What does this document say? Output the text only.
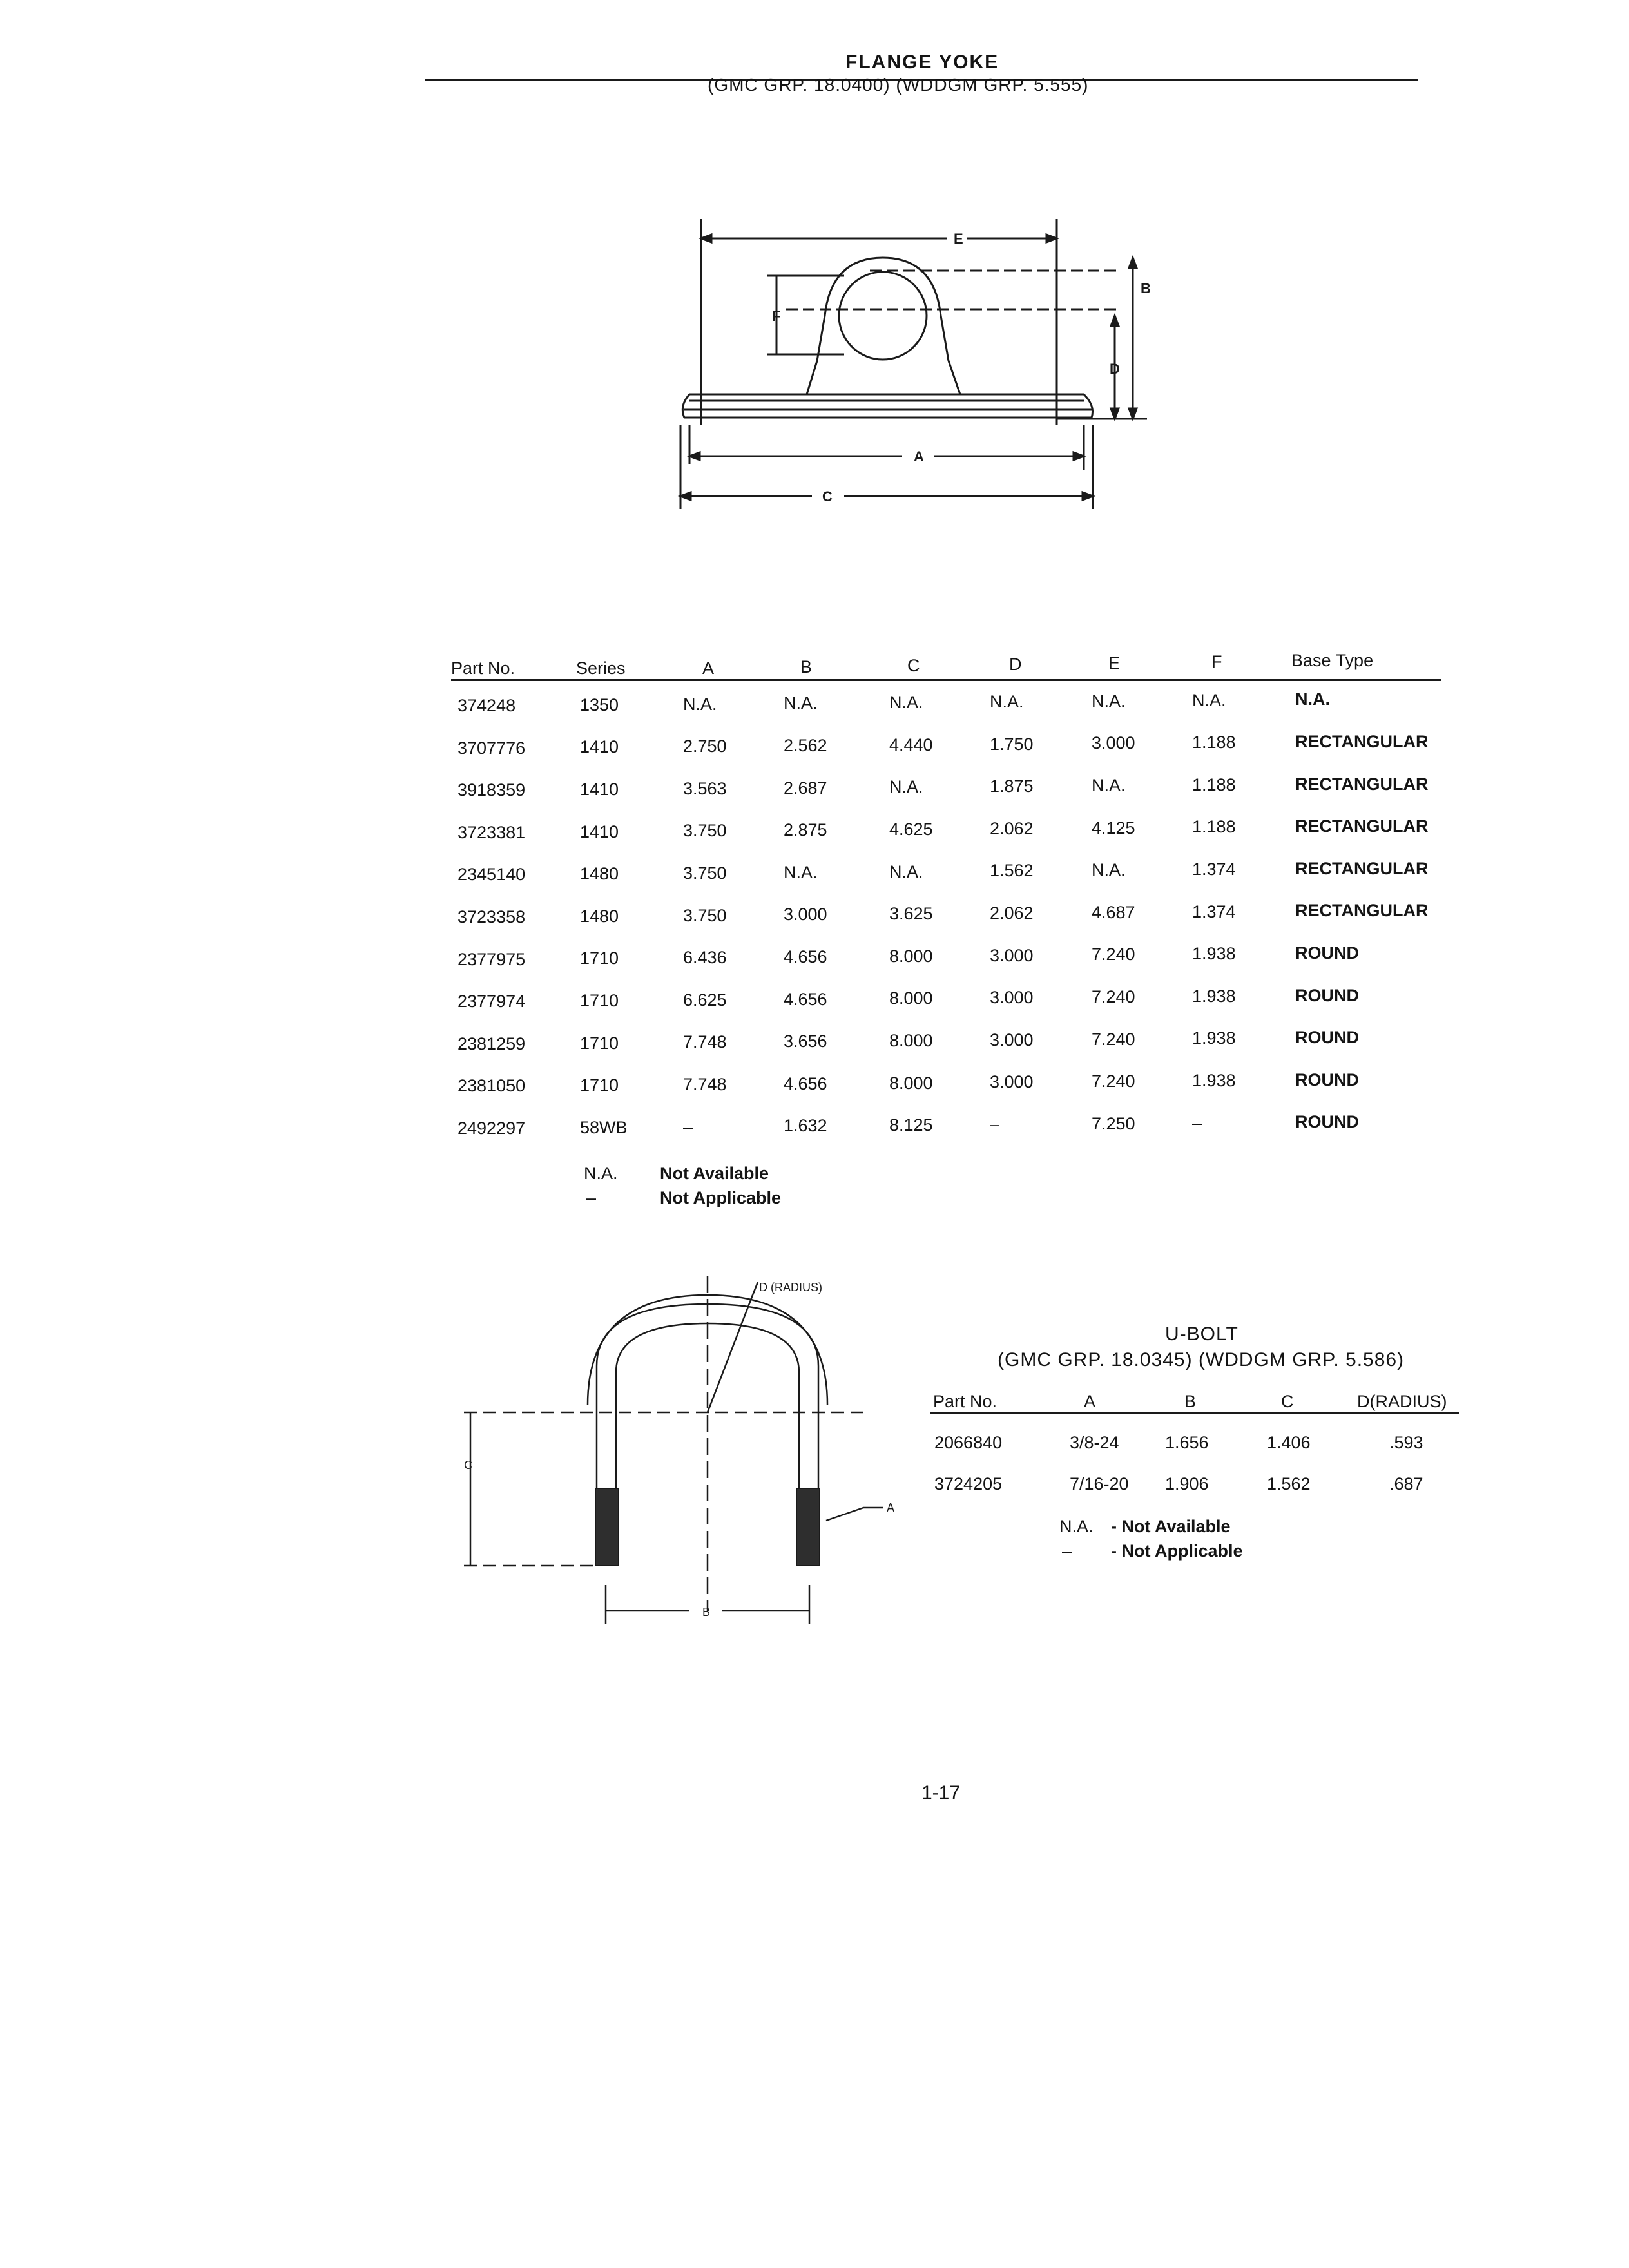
FLANGE YOKE
(GMC GRP. 18.0400) (WDDGM GRP. 5.555)
E
B
F
D
A
C
Part No.	Series	A	B	C	D	E	F	Base Type
374248	1350	N.A.	N.A.	N.A.	N.A.	N.A.	N.A.	N.A.
3707776	1410	2.750	2.562	4.440	1.750	3.000	1.188	RECTANGULAR
3918359	1410	3.563	2.687	N.A.	1.875	N.A.	1.188	RECTANGULAR
3723381	1410	3.750	2.875	4.625	2.062	4.125	1.188	RECTANGULAR
2345140	1480	3.750	N.A.	N.A.	1.562	N.A.	1.374	RECTANGULAR
3723358	1480	3.750	3.000	3.625	2.062	4.687	1.374	RECTANGULAR
2377975	1710	6.436	4.656	8.000	3.000	7.240	1.938	ROUND
2377974	1710	6.625	4.656	8.000	3.000	7.240	1.938	ROUND
2381259	1710	7.748	3.656	8.000	3.000	7.240	1.938	ROUND
2381050	1710	7.748	4.656	8.000	3.000	7.240	1.938	ROUND
2492297	58WB	–	1.632	8.125	–	7.250	–	ROUND
N.A. Not Available
–	Not Applicable
D (RADIUS)
C
A
B
U-BOLT
(GMC GRP. 18.0345) (WDDGM GRP. 5.586)
Part No.	A	B	C	D(RADIUS)
2066840	3/8-24	1.656	1.406	.593
3724205	7/16-20 1.906	1.562	.687
N.A. - Not Available
– - Not Applicable
1-17
